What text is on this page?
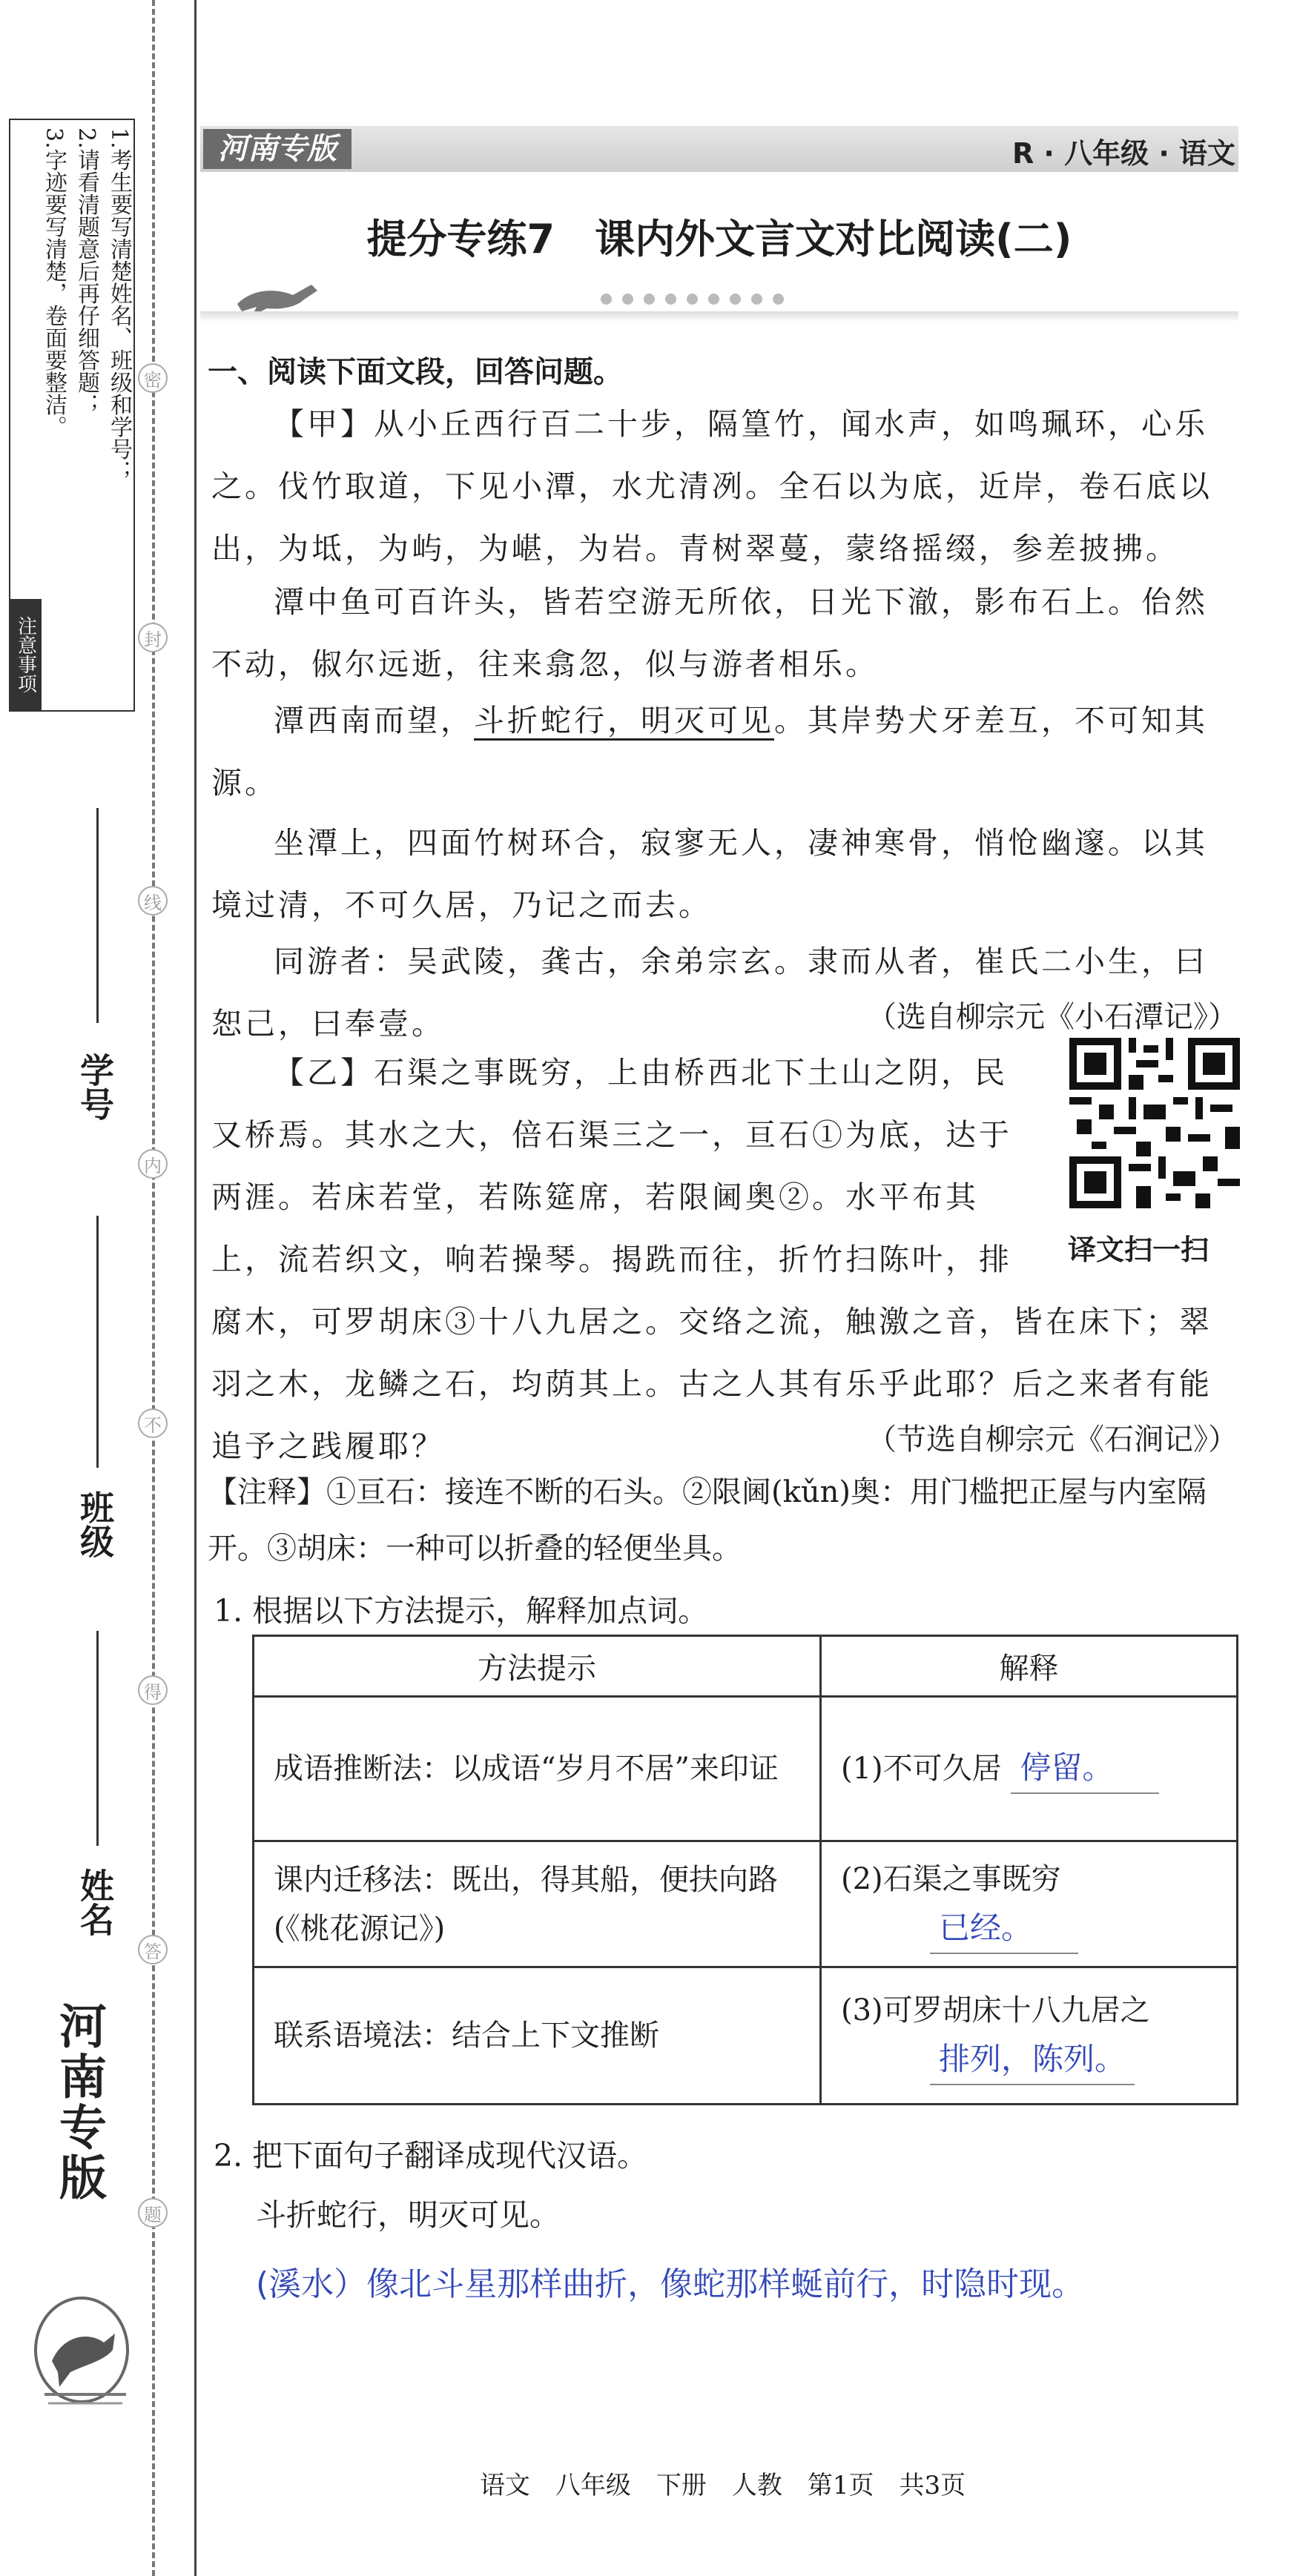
注意事项
1.考生要写清楚姓名、班级和学号；
2.请看清题意后再仔细答题；
3.字迹要写清楚，卷面要整洁。	密
封
线
内
不
得
答
题
学号
班级
姓名
河南专版
河南专版	R · 八年级 · 语文
提分专练7　课内外文言文对比阅读(二)
一、阅读下面文段，回答问题。
【甲】从小丘西行百二十步，隔篁竹，闻水声，如鸣珮环，心乐之。伐竹取道，下见小潭，水尤清冽。全石以为底，近岸，卷石底以出，为坻，为屿，为嵁，为岩。青树翠蔓，蒙络摇缀，参差披拂。
潭中鱼可百许头，皆若空游无所依，日光下澈，影布石上。佁然不动，俶尔远逝，往来翕忽，似与游者相乐。
潭西南而望，斗折蛇行，明灭可见。其岸势犬牙差互，不可知其源。
坐潭上，四面竹树环合，寂寥无人，凄神寒骨，悄怆幽邃。以其境过清，不可久居，乃记之而去。
同游者：吴武陵，龚古，余弟宗玄。隶而从者，崔氏二小生，曰恕己，曰奉壹。	（选自柳宗元《小石潭记》）
【乙】石渠之事既穷，上由桥西北下土山之阴，民
又桥焉。其水之大，倍石渠三之一，亘石①为底，达于
两涯。若床若堂，若陈筵席，若限阃奥②。水平布其
上，流若织文，响若操琴。揭跣而往，折竹扫陈叶，排
腐木，可罗胡床③十八九居之。交络之流，触激之音，皆在床下；翠羽之木，龙鳞之石，均荫其上。古之人其有乐乎此耶？后之来者有能追予之践履耶？	（节选自柳宗元《石涧记》）
译文扫一扫
【注释】①亘石：接连不断的石头。②限阃(kǔn)奥：用门槛把正屋与内室隔开。③胡床：一种可以折叠的轻便坐具。
1. 根据以下方法提示，解释加点词。
方法提示	解释
成语推断法：以成语“岁月不居”来印证	(1)不可久居 停留。
课内迁移法：既出，得其船，便扶向路(《桃花源记》)	(2)石渠之事既穷
已经。
联系语境法：结合上下文推断	(3)可罗胡床十八九居之
排列，陈列。
2. 把下面句子翻译成现代汉语。
斗折蛇行，明灭可见。
(溪水）像北斗星那样曲折，像蛇那样蜒前行，时隐时现。
语文　八年级　下册　人教　第1页　共3页
